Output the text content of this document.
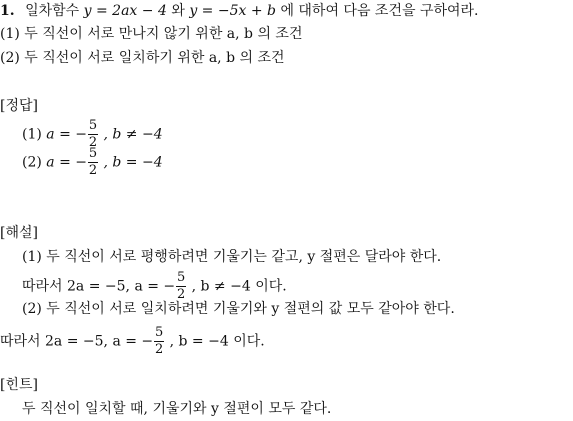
1. 일차함수 y = 2ax − 4 와 y = −5x + b 에 대하여 다음 조건을 구하여라.
(1) 두 직선이 서로 만나지 않기 위한 a, b 의 조건
(2) 두 직선이 서로 일치하기 위한 a, b 의 조건
[정답]
(1) a = − $\frac{5}{2}$ , b ≠ −4
(2) a = − $\frac{5}{2}$ , b = −4
[해설]
(1) 두 직선이 서로 평행하려면 기울기는 같고, y 절편은 달라야 한다.
따라서 2a = −5, a = − $\frac{5}{2}$ , b ≠ −4 이다.
(2) 두 직선이 서로 일치하려면 기울기와 y 절편의 값 모두 같아야 한다.
따라서 2a = −5, a = − $\frac{5}{2}$ , b = −4 이다.
[힌트]
두 직선이 일치할 때, 기울기와 y 절편이 모두 같다.
